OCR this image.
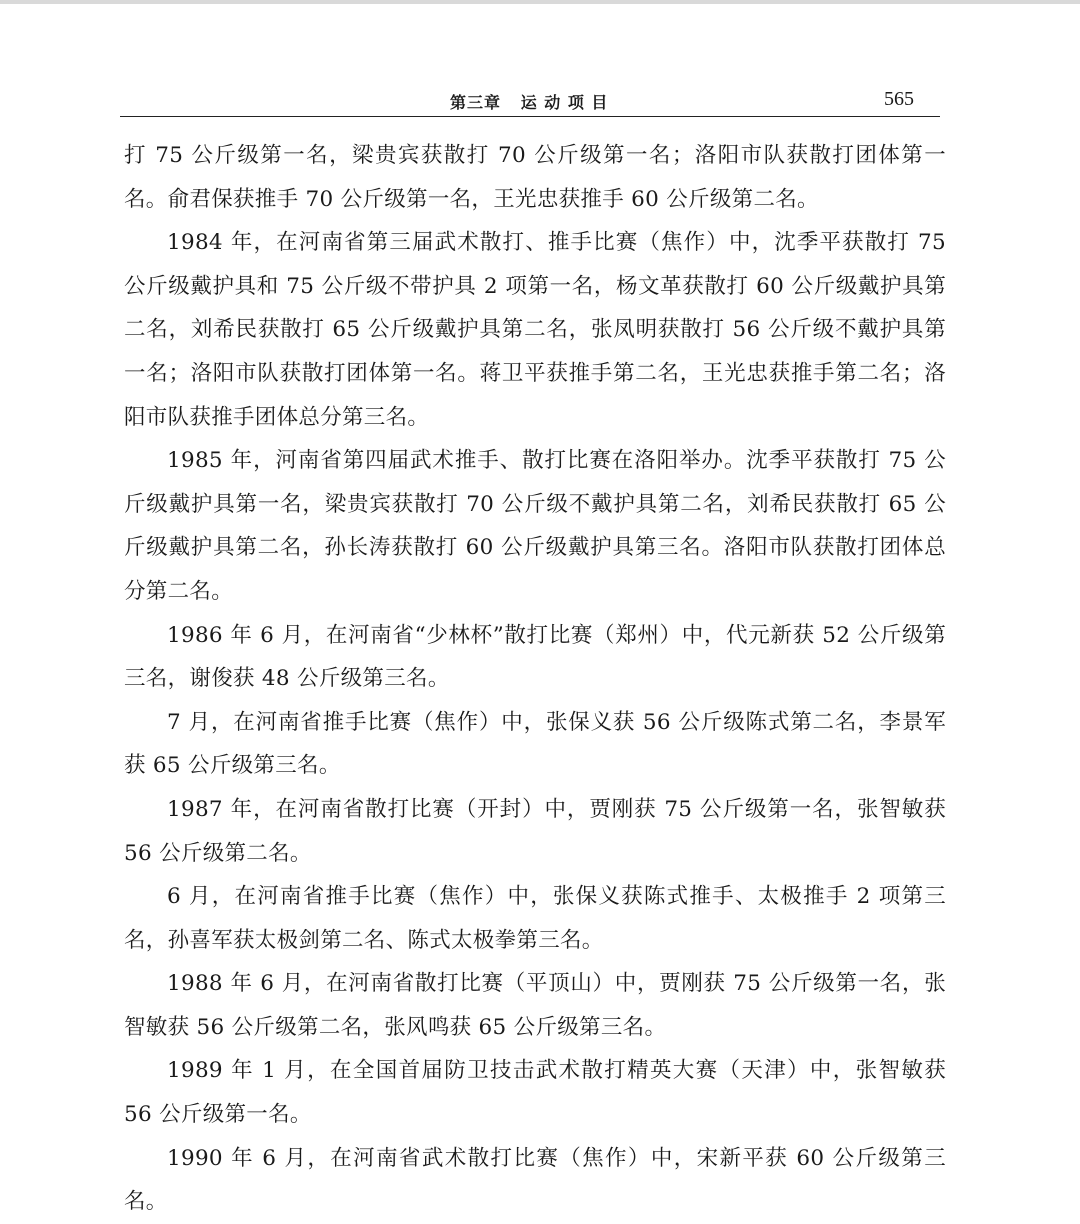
第三章   运 动 项 目	565

打 75 公斤级第一名，梁贵宾获散打 70 公斤级第一名；洛阳市队获散打团体第一名。俞君保获推手 70 公斤级第一名，王光忠获推手 60 公斤级第二名。

1984 年，在河南省第三届武术散打、推手比赛（焦作）中，沈季平获散打 75 公斤级戴护具和 75 公斤级不带护具 2 项第一名，杨文革获散打 60 公斤级戴护具第二名，刘希民获散打 65 公斤级戴护具第二名，张凤明获散打 56 公斤级不戴护具第一名；洛阳市队获散打团体第一名。蒋卫平获推手第二名，王光忠获推手第二名；洛阳市队获推手团体总分第三名。

1985 年，河南省第四届武术推手、散打比赛在洛阳举办。沈季平获散打 75 公斤级戴护具第一名，梁贵宾获散打 70 公斤级不戴护具第二名，刘希民获散打 65 公斤级戴护具第二名，孙长涛获散打 60 公斤级戴护具第三名。洛阳市队获散打团体总分第二名。

1986 年 6 月，在河南省“少林杯”散打比赛（郑州）中，代元新获 52 公斤级第三名，谢俊获 48 公斤级第三名。

7 月，在河南省推手比赛（焦作）中，张保义获 56 公斤级陈式第二名，李景军获 65 公斤级第三名。

1987 年，在河南省散打比赛（开封）中，贾刚获 75 公斤级第一名，张智敏获 56 公斤级第二名。

6 月，在河南省推手比赛（焦作）中，张保义获陈式推手、太极推手 2 项第三名，孙喜军获太极剑第二名、陈式太极拳第三名。

1988 年 6 月，在河南省散打比赛（平顶山）中，贾刚获 75 公斤级第一名，张智敏获 56 公斤级第二名，张风鸣获 65 公斤级第三名。

1989 年 1 月，在全国首届防卫技击武术散打精英大赛（天津）中，张智敏获 56 公斤级第一名。

1990 年 6 月，在河南省武术散打比赛（焦作）中，宋新平获 60 公斤级第三名。
